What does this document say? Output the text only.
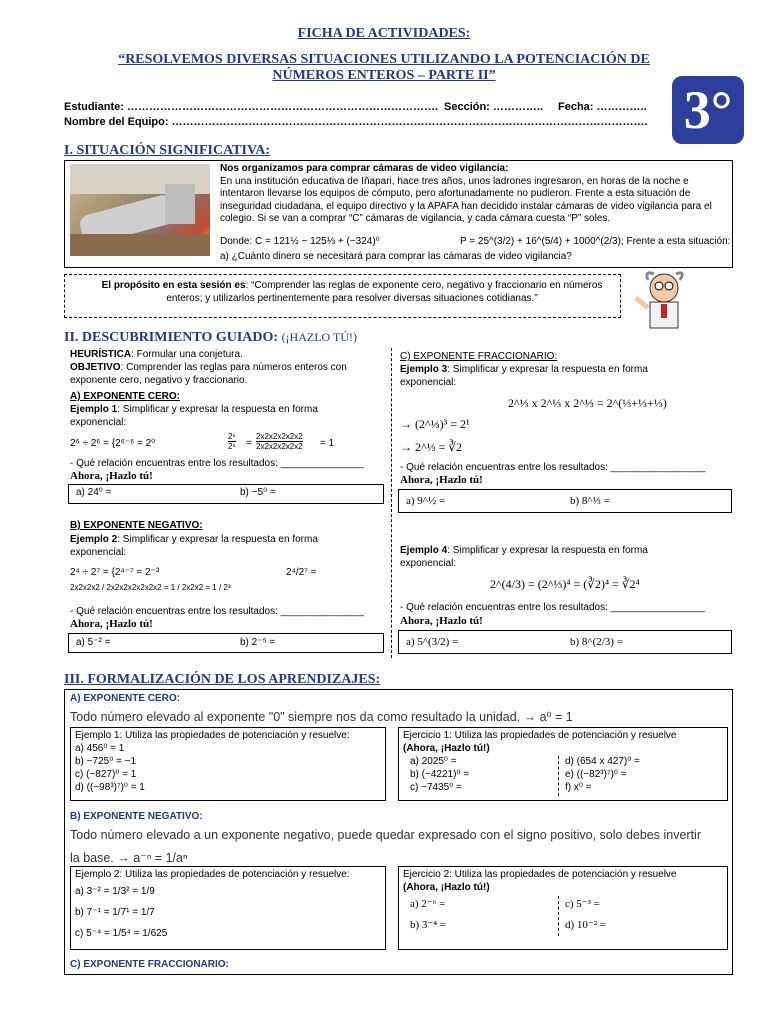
FICHA DE ACTIVIDADES:
“RESOLVEMOS DIVERSAS SITUACIONES UTILIZANDO LA POTENCIACIÓN DE
NÚMEROS ENTEROS – PARTE II”
Estudiante: …………………………………………………………………………. Sección: ………….. Fecha: …………..
Nombre del Equipo: …………………………………………………………………………………………………………………. 3°
I. SITUACIÓN SIGNIFICATIVA:
Nos organizamos para comprar cámaras de video vigilancia:
En una institución educativa de Iñapari, hace tres años, unos ladrones ingresaron, en horas de la noche e intentaron llevarse los equipos de cómputo, pero afortunadamente no pudieron. Frente a esta situación de inseguridad ciudadana, el equipo directivo y la APAFA han decidido instalar cámaras de video vigilancia para el colegio. Si se van a comprar “C” cámaras de vigilancia, y cada cámara cuesta “P” soles.
Donde: C = 121½ − 125⅓ + (−324)⁰	P = 25^(3/2) + 16^(5/4) + 1000^(2/3); Frente a esta situación:
a) ¿Cuánto dinero se necesitará para comprar las cámaras de video vigilancia?
El propósito en esta sesión es: “Comprender las reglas de exponente cero, negativo y fraccionario en números enteros; y utilizarlos pertinentemente para resolver diversas situaciones cotidianas.”
II. DESCUBRIMIENTO GUIADO: (¡HAZLO TÚ!)
HEURÍSTICA: Formular una conjetura.
OBJETIVO: Comprender las reglas para números enteros con exponente cero, negativo y fraccionario.
A) EXPONENTE CERO:
Ejemplo 1: Simplificar y expresar la respuesta en forma exponencial:
2⁶ ÷ 2⁶ = {2⁶⁻⁶ = 2⁰
2⁶
2⁶ =
2x2x2x2x2x2
2x2x2x2x2x2 = 1
- Qué relación encuentras entre los resultados: _______________
Ahora, ¡Hazlo tú!
a) 24⁰ =	b) −5⁰ =
B) EXPONENTE NEGATIVO:
Ejemplo 2: Simplificar y expresar la respuesta en forma exponencial:
2⁴ ÷ 2⁷ = {2⁴⁻⁷ = 2⁻³	2⁴/2⁷ =
2x2x2x2 / 2x2x2x2x2x2x2 = 1 / 2x2x2 = 1 / 2³
- Qué relación encuentras entre los resultados: _______________
Ahora, ¡Hazlo tú!
a) 5⁻² =	b) 2⁻⁵ =
C) EXPONENTE FRACCIONARIO:
Ejemplo 3: Simplificar y expresar la respuesta en forma exponencial:
2^⅓ x 2^⅓ x 2^⅓ = 2^(⅓+⅓+⅓)
→ (2^⅓)³ = 2¹
→ 2^⅓ = ∛2
- Qué relación encuentras entre los resultados: _________________
Ahora, ¡Hazlo tú!
a) 9^½ =	b) 8^⅓ =
Ejemplo 4: Simplificar y expresar la respuesta en forma exponencial:
2^(4/3) = (2^⅓)⁴ = (∛2)⁴ = ∛2⁴
- Qué relación encuentras entre los resultados: _________________
Ahora, ¡Hazlo tú!
a) 5^(3/2) =	b) 8^(2/3) =
III. FORMALIZACIÓN DE LOS APRENDIZAJES:
A) EXPONENTE CERO:
Todo número elevado al exponente "0" siempre nos da como resultado la unidad. → a⁰ = 1
Ejemplo 1: Utiliza las propiedades de potenciación y resuelve:
a) 456⁰ = 1
b) −725⁰ = −1
c) (−827)⁰ = 1
d) ((−98³)⁷)⁰ = 1
Ejercicio 1: Utiliza las propiedades de potenciación y resuelve
(Ahora, ¡Hazlo tú!)
a) 2025⁰ =
b) (−4221)⁰ =
c) −7435⁰ =
d) (654 x 427)⁰ =
e) ((−82³)⁷)⁰ =
f) x⁰ =
B) EXPONENTE NEGATIVO:
Todo número elevado a un exponente negativo, puede quedar expresado con el signo positivo, solo debes invertir
la base. → a⁻ⁿ = 1/aⁿ
Ejemplo 2: Utiliza las propiedades de potenciación y resuelve:
a) 3⁻² = 1/3² = 1/9
b) 7⁻¹ = 1/7¹ = 1/7
c) 5⁻⁴ = 1/5⁴ = 1/625
Ejercicio 2: Utiliza las propiedades de potenciación y resuelve
(Ahora, ¡Hazlo tú!)
a) 2⁻⁶ =
b) 3⁻⁴ =
c) 5⁻³ =
d) 10⁻² =
C) EXPONENTE FRACCIONARIO:
